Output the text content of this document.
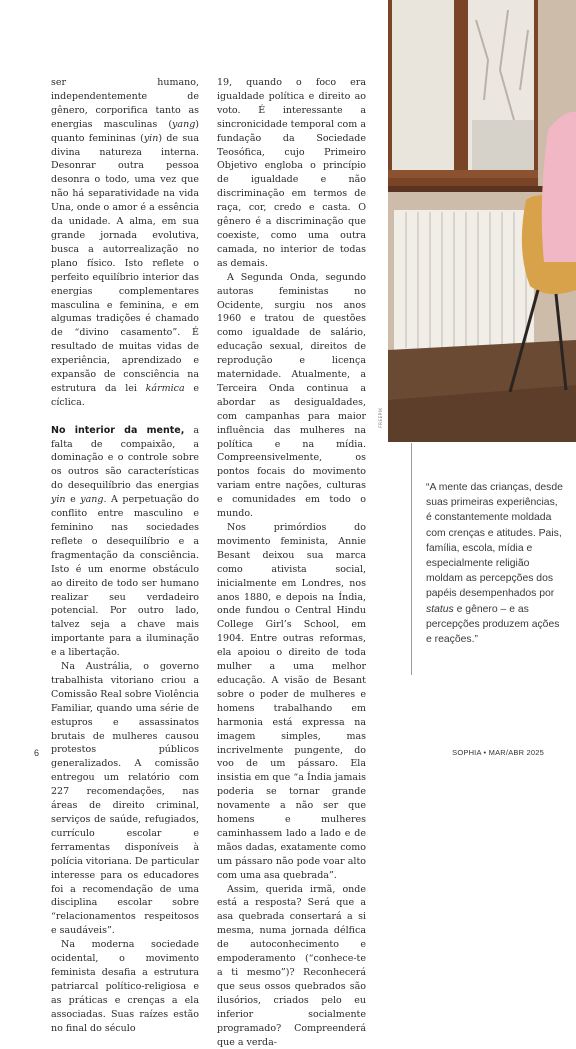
ser humano, independentemente de gênero, corporifica tanto as energias masculinas (yang) quanto femininas (yin) de sua divina natureza interna. Desonrar outra pessoa desonra o todo, uma vez que não há separatividade na vida Una, onde o amor é a essência da unidade. A alma, em sua grande jornada evolutiva, busca a autorrealização no plano físico. Isto reflete o perfeito equilíbrio interior das energias complementares masculina e feminina, e em algumas tradições é chamado de “divino casamento”. É resultado de muitas vidas de experiência, aprendizado e expansão de consciência na estrutura da lei kármica e cíclica.

No interior da mente, a falta de compaixão, a dominação e o controle sobre os outros são características do desequilíbrio das energias yin e yang. A perpetuação do conflito entre masculino e feminino nas sociedades reflete o desequilíbrio e a fragmentação da consciência. Isto é um enorme obstáculo ao direito de todo ser humano realizar seu verdadeiro potencial. Por outro lado, talvez seja a chave mais importante para a iluminação e a libertação.

Na Austrália, o governo trabalhista vitoriano criou a Comissão Real sobre Violência Familiar, quando uma série de estupros e assassinatos brutais de mulheres causou protestos públicos generalizados. A comissão entregou um relatório com 227 recomendações, nas áreas de direito criminal, serviços de saúde, refugiados, currículo escolar e ferramentas disponíveis à polícia vitoriana. De particular interesse para os educadores foi a recomendação de uma disciplina escolar sobre “relacionamentos respeitosos e saudáveis”.

Na moderna sociedade ocidental, o movimento feminista desafia a estrutura patriarcal político-religiosa e as práticas e crenças a ela associadas. Suas raízes estão no final do século

19, quando o foco era igualdade política e direito ao voto. É interessante a sincronicidade temporal com a fundação da Sociedade Teosófica, cujo Primeiro Objetivo engloba o princípio de igualdade e não discriminação em termos de raça, cor, credo e casta. O gênero é a discriminação que coexiste, como uma outra camada, no interior de todas as demais.

A Segunda Onda, segundo autoras feministas no Ocidente, surgiu nos anos 1960 e tratou de questões como igualdade de salário, educação sexual, direitos de reprodução e licença maternidade. Atualmente, a Terceira Onda continua a abordar as desigualdades, com campanhas para maior influência das mulheres na política e na mídia. Compreensivelmente, os pontos focais do movimento variam entre nações, culturas e comunidades em todo o mundo.

Nos primórdios do movimento feminista, Annie Besant deixou sua marca como ativista social, inicialmente em Londres, nos anos 1880, e depois na Índia, onde fundou o Central Hindu College Girl’s School, em 1904. Entre outras reformas, ela apoiou o direito de toda mulher a uma melhor educação. A visão de Besant sobre o poder de mulheres e homens trabalhando em harmonia está expressa na imagem simples, mas incrivelmente pungente, do voo de um pássaro. Ela insistia em que “a Índia jamais poderia se tornar grande novamente a não ser que homens e mulheres caminhassem lado a lado e de mãos dadas, exatamente como um pássaro não pode voar alto com uma asa quebrada”.

Assim, querida irmã, onde está a resposta? Será que a asa quebrada consertará a si mesma, numa jornada délfica de autoconhecimento e empoderamento (“conhece-te a ti mesmo”)? Reconhecerá que seus ossos quebrados são ilusórios, criados pelo eu inferior socialmente programado? Compreenderá que a verda-

FREEPIK
“A mente das crianças, desde suas primeiras experiências, é constantemente moldada com crenças e atitudes. Pais, família, escola, mídia e especialmente religião moldam as percepções dos papéis desempenhados por status e gênero – e as percepções produzem ações e reações.”
6	SOPHIA • MAR/ABR 2025
